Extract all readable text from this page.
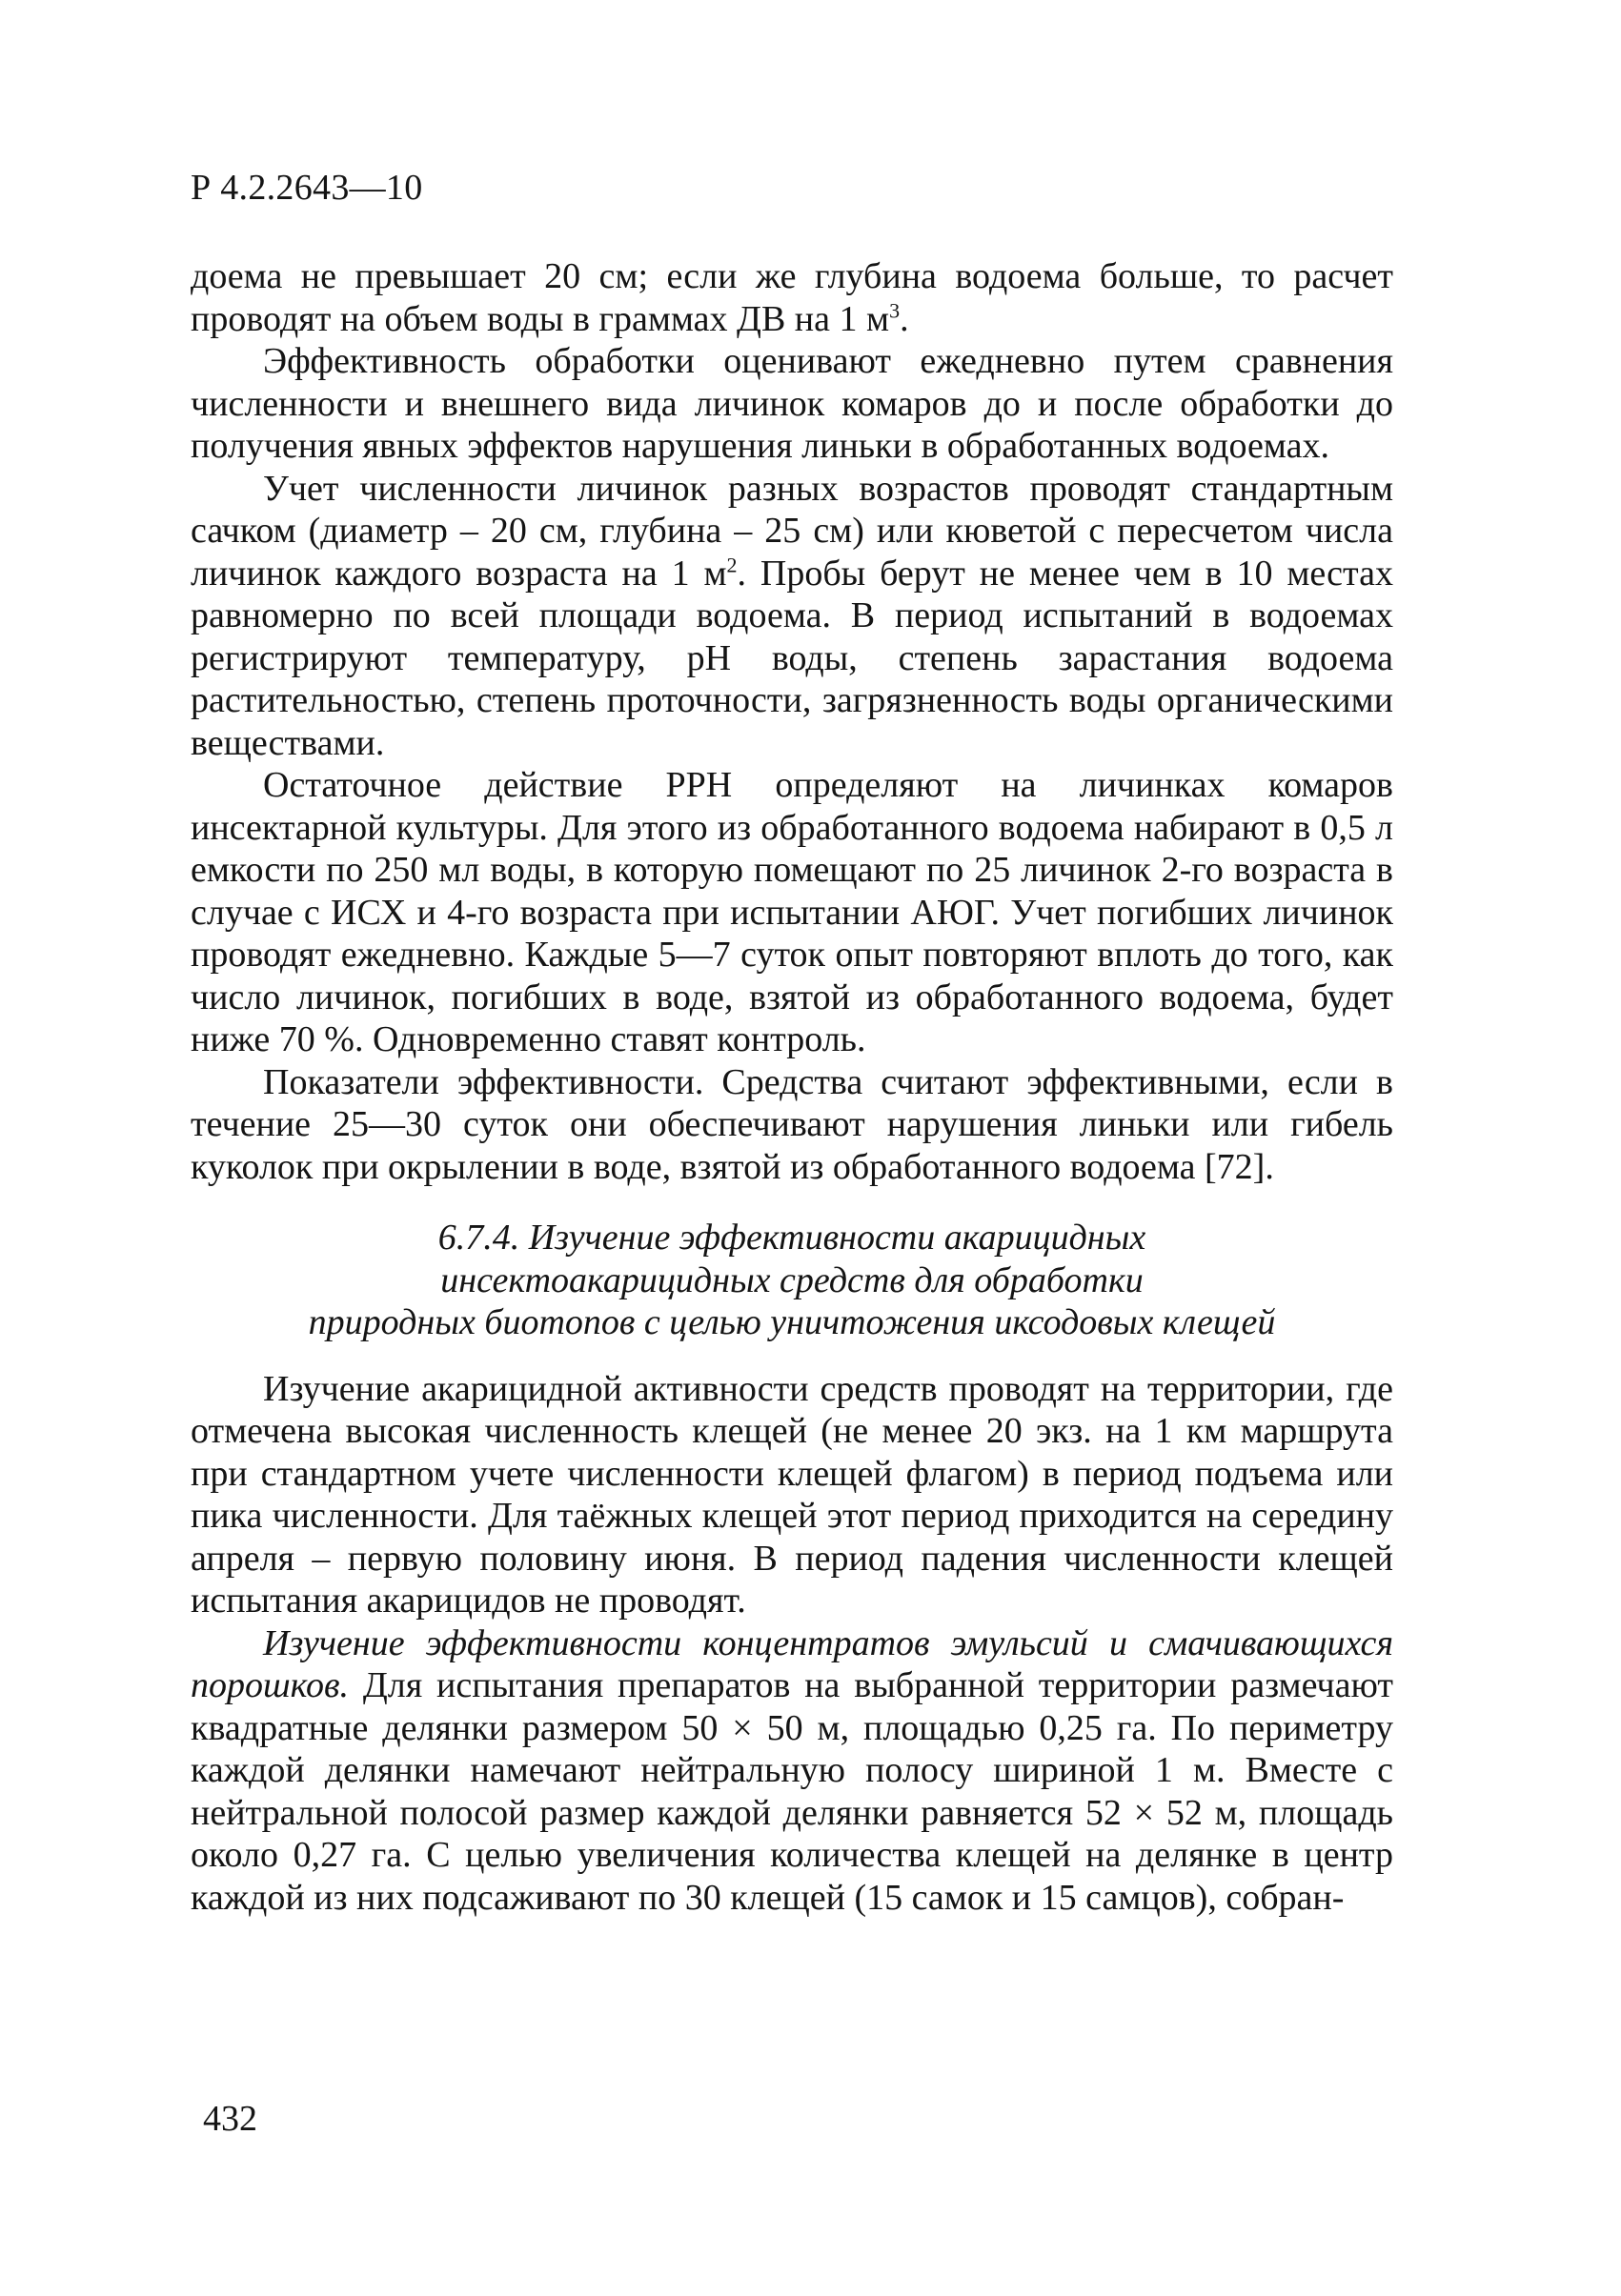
Р 4.2.2643—10

доема не превышает 20 см; если же глубина водоема больше, то расчет проводят на объем воды в граммах ДВ на 1 $м^3$.

Эффективность обработки оценивают ежедневно путем сравнения численности и внешнего вида личинок комаров до и после обработки до получения явных эффектов нарушения линьки в обработанных водоемах.

Учет численности личинок разных возрастов проводят стандартным сачком (диаметр – 20 см, глубина – 25 см) или кюветой с пересчетом числа личинок каждого возраста на 1 $м^2$. Пробы берут не менее чем в 10 местах равномерно по всей площади водоема. В период испытаний в водоемах регистрируют температуру, pH воды, степень зарастания водоема растительностью, степень проточности, загрязненность воды органическими веществами.

Остаточное действие РРН определяют на личинках комаров инсектарной культуры. Для этого из обработанного водоема набирают в 0,5 л емкости по 250 мл воды, в которую помещают по 25 личинок 2-го возраста в случае с ИСХ и 4-го возраста при испытании АЮГ. Учет погибших личинок проводят ежедневно. Каждые 5—7 суток опыт повторяют вплоть до того, как число личинок, погибших в воде, взятой из обработанного водоема, будет ниже 70 %. Одновременно ставят контроль.

Показатели эффективности. Средства считают эффективными, если в течение 25—30 суток они обеспечивают нарушения линьки или гибель куколок при окрылении в воде, взятой из обработанного водоема [72].

6.7.4. Изучение эффективности акарицидных
инсектоакарицидных средств для обработки
природных биотопов с целью уничтожения иксодовых клещей

Изучение акарицидной активности средств проводят на территории, где отмечена высокая численность клещей (не менее 20 экз. на 1 км маршрута при стандартном учете численности клещей флагом) в период подъема или пика численности. Для таёжных клещей этот период приходится на середину апреля – первую половину июня. В период падения численности клещей испытания акарицидов не проводят.

Изучение эффективности концентратов эмульсий и смачивающихся порошков. Для испытания препаратов на выбранной территории размечают квадратные делянки размером 50 × 50 м, площадью 0,25 га. По периметру каждой делянки намечают нейтральную полосу шириной 1 м. Вместе с нейтральной полосой размер каждой делянки равняется 52 × 52 м, площадь около 0,27 га. С целью увеличения количества клещей на делянке в центр каждой из них подсаживают по 30 клещей (15 самок и 15 самцов), собран-

432
